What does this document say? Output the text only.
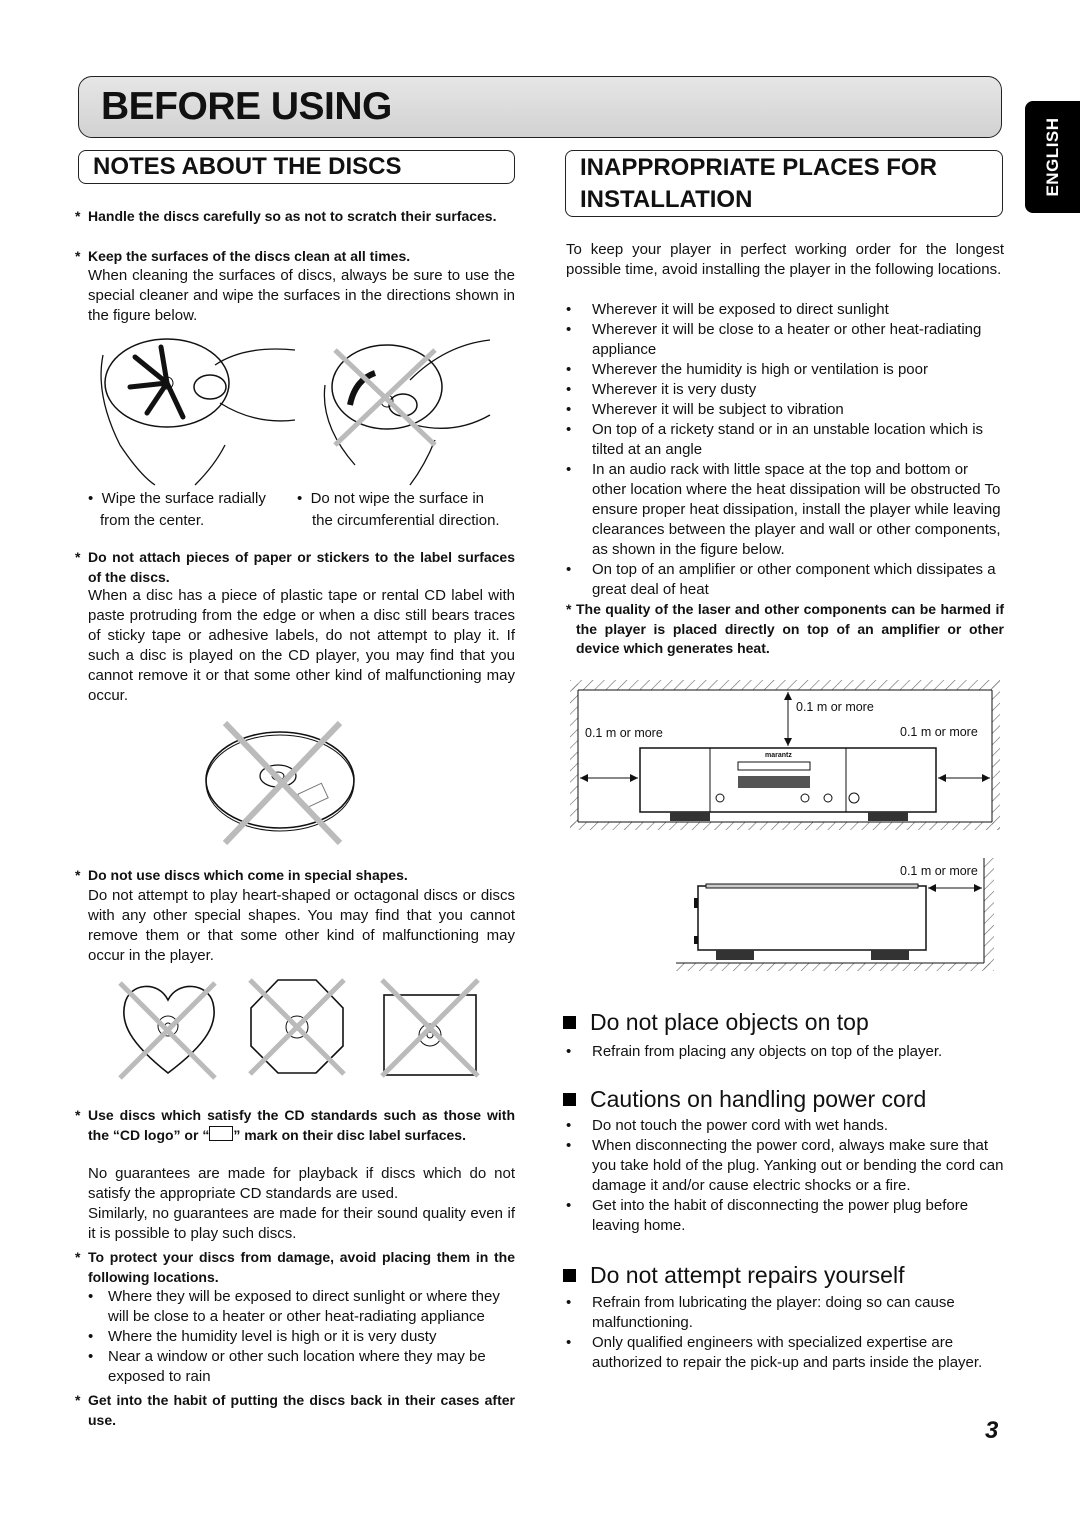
BEFORE USING
ENGLISH
NOTES ABOUT THE DISCS
* Handle the discs carefully so as not to scratch their surfaces.
* Keep the surfaces of the discs clean at all times.
When cleaning the surfaces of discs, always be sure to use the special cleaner and wipe the surfaces in the directions shown in the figure below.
•  Wipe the surface radially
from the center.
•  Do not wipe the surface in
the circumferential direction.
* Do not attach pieces of paper or stickers to the label surfaces of the discs.
When a disc has a piece of plastic tape or rental CD label with paste protruding from the edge or when a disc still bears traces of sticky tape or adhesive labels, do not attempt to play it. If such a disc is played on the CD player, you may find that you cannot remove it or that some other kind of malfunctioning may occur.
* Do not use discs which come in special shapes.
Do not attempt to play heart-shaped or octagonal discs or discs with any other special shapes. You may find that you cannot remove them or that some other kind of malfunctioning may occur in the player.
* Use discs which satisfy the CD standards such as those with the “CD logo” or “ ” mark on their disc label surfaces.
No guarantees are made for playback if discs which do not satisfy the appropriate CD standards are used.
Similarly, no guarantees are made for their sound quality even if it is possible to play such discs.
* To protect your discs from damage, avoid placing them in the following locations.
• Where they will be exposed to direct sunlight or where they will be close to a heater or other heat-radiating appliance
• Where the humidity level is high or it is very dusty
• Near a window or other such location where they may be exposed to rain
* Get into the habit of putting the discs back in their cases after use.
INAPPROPRIATE PLACES FOR
INSTALLATION
To keep your player in perfect working order for the longest possible time, avoid installing the player in the following locations.
• Wherever it will be exposed to direct sunlight
• Wherever it will be close to a heater or other heat-radiating appliance
• Wherever the humidity is high or ventilation is poor
• Wherever it is very dusty
• Wherever it will be subject to vibration
• On top of a rickety stand or in an unstable location which is tilted at an angle
• In an audio rack with little space at the top and bottom or other location where the heat dissipation will be obstructed To ensure proper heat dissipation, install the player while leaving clearances between the player and wall or other components, as shown in the figure below.
• On top of an amplifier or other component which dissipates a great deal of heat
* The quality of the laser and other components can be harmed if the player is placed directly on top of an amplifier or other device which generates heat.
0.1 m or more
0.1 m or more	0.1 m or more
marantz
0.1 m or more
Do not place objects on top
• Refrain from placing any objects on top of the player.
Cautions on handling power cord
• Do not touch the power cord with wet hands.
• When disconnecting the power cord, always make sure that you take hold of the plug. Yanking out or bending the cord can damage it and/or cause electric shocks or a fire.
• Get into the habit of disconnecting the power plug before leaving home.
Do not attempt repairs yourself
• Refrain from lubricating the player: doing so can cause malfunctioning.
• Only qualified engineers with specialized expertise are authorized to repair the pick-up and parts inside the player.
3
